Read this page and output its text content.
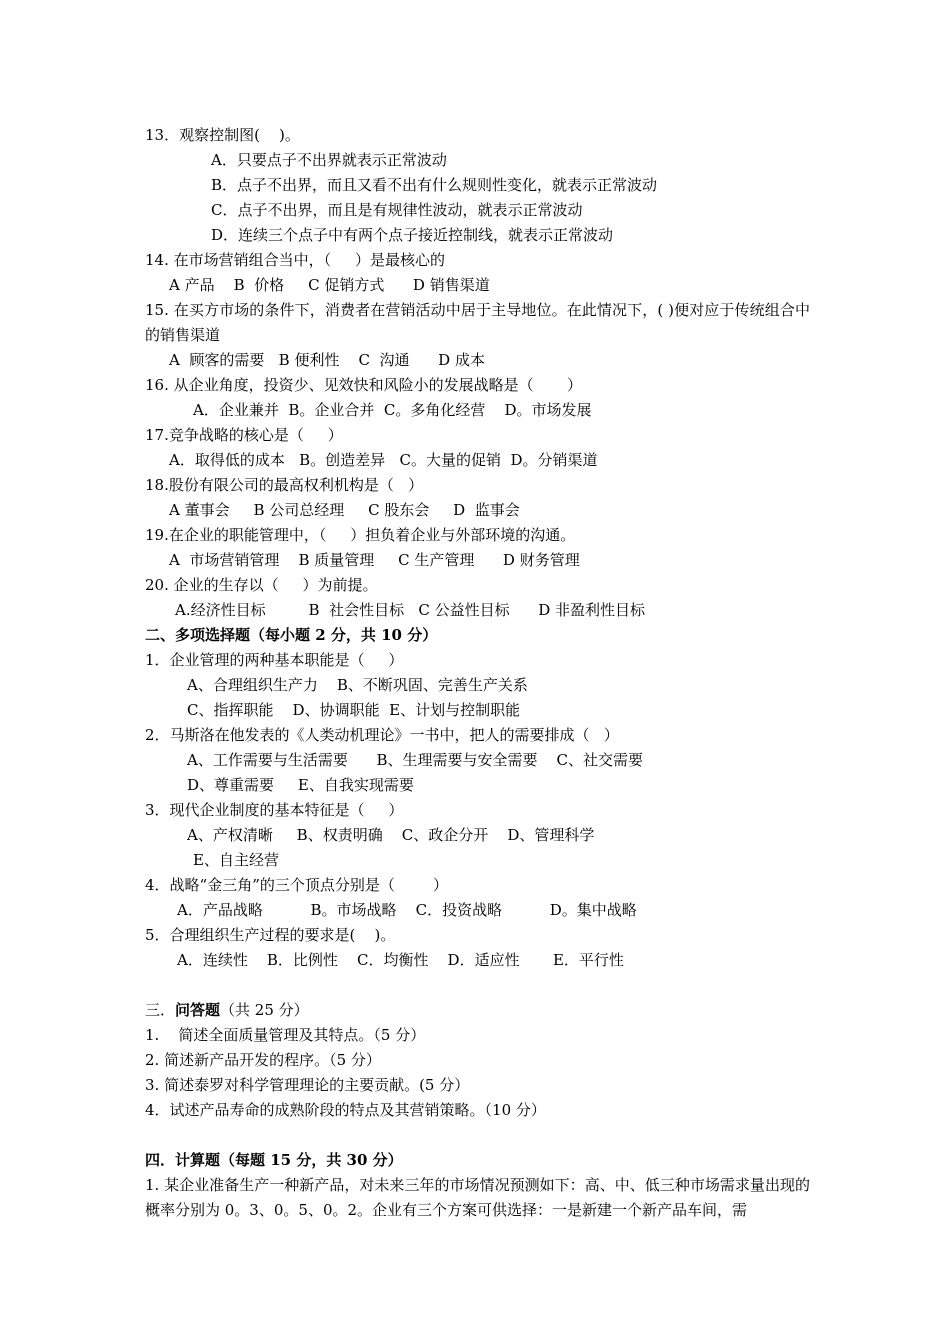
13．观察控制图(    )。
A．只要点子不出界就表示正常波动
B．点子不出界，而且又看不出有什么规则性变化，就表示正常波动
C．点子不出界，而且是有规律性波动，就表示正常波动
D．连续三个点子中有两个点子接近控制线，就表示正常波动
14. 在市场营销组合当中，（     ）是最核心的
A 产品    B  价格     C 促销方式      D 销售渠道
15. 在买方市场的条件下，消费者在营销活动中居于主导地位。在此情况下，( )便对应于传统组合中的销售渠道
A  顾客的需要   B 便利性    C  沟通      D 成本
16. 从企业角度，投资少、见效快和风险小的发展战略是（       ）
A．企业兼并  B。企业合并  C。多角化经营    D。市场发展
17.竞争战略的核心是（     ）
A．取得低的成本   B。创造差异   C。大量的促销  D。分销渠道
18.股份有限公司的最高权利机构是（   ）
A 董事会     B 公司总经理     C 股东会     D  监事会
19.在企业的职能管理中，（     ）担负着企业与外部环境的沟通。
A  市场营销管理    B 质量管理     C 生产管理      D 财务管理
20. 企业的生存以（     ）为前提。
A.经济性目标         B  社会性目标   C 公益性目标      D 非盈利性目标
二、多项选择题（每小题 2 分，共 10 分）
1．企业管理的两种基本职能是（     ）
A、合理组织生产力    B、不断巩固、完善生产关系
C、指挥职能    D、协调职能  E、计划与控制职能
2．马斯洛在他发表的《人类动机理论》一书中，把人的需要排成（   ）
A、工作需要与生活需要      B、生理需要与安全需要    C、社交需要
D、尊重需要     E、自我实现需要
3．现代企业制度的基本特征是（     ）
A、产权清晰     B、权责明确    C、政企分开    D、管理科学
E、自主经营
4．战略“金三角”的三个顶点分别是（        ）
A．产品战略          B。市场战略    C．投资战略          D。集中战略
5．合理组织生产过程的要求是(    )。
A．连续性    B．比例性    C．均衡性    D．适应性       E．平行性
三．问答题（共 25 分）
1.    简述全面质量管理及其特点。（5 分）
2. 简述新产品开发的程序。（5 分）
3. 简述泰罗对科学管理理论的主要贡献。(5 分）
4．试述产品寿命的成熟阶段的特点及其营销策略。（10 分）
四．计算题（每题 15 分，共 30 分）
1. 某企业准备生产一种新产品，对未来三年的市场情况预测如下：高、中、低三种市场需求量出现的概率分别为 0。3、0。5、0。2。企业有三个方案可供选择：一是新建一个新产品车间，需
